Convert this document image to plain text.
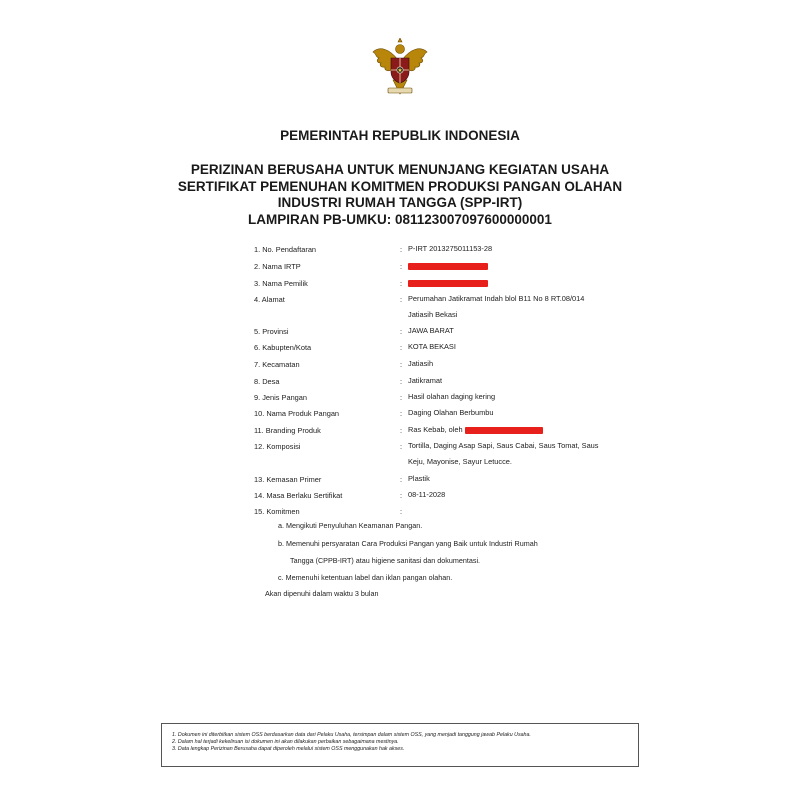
PEMERINTAH REPUBLIK INDONESIA
PERIZINAN BERUSAHA UNTUK MENUNJANG KEGIATAN USAHA
SERTIFIKAT PEMENUHAN KOMITMEN PRODUKSI PANGAN OLAHAN
INDUSTRI RUMAH TANGGA (SPP-IRT)
LAMPIRAN PB-UMKU: 081123007097600000001
1. No. Pendaftaran	: P-IRT 2013275011153-28
2. Nama IRTP	:
3. Nama Pemilik	:
4. Alamat	: Perumahan Jatikramat Indah blol B11 No 8 RT.08/014
Jatiasih Bekasi
5. Provinsi	: JAWA BARAT
6. Kabupten/Kota	: KOTA BEKASI
7. Kecamatan	: Jatiasih
8. Desa	: Jatikramat
9. Jenis Pangan	: Hasil olahan daging kering
10. Nama Produk Pangan	: Daging Olahan Berbumbu
11. Branding Produk	: Ras Kebab, oleh
12. Komposisi	: Tortilla, Daging Asap Sapi, Saus Cabai, Saus Tomat, Saus
Keju, Mayonise, Sayur Letucce.
13. Kemasan Primer	: Plastik
14. Masa Berlaku Sertifikat	: 08-11-2028
15. Komitmen	:
a. Mengikuti Penyuluhan Keamanan Pangan.
b. Memenuhi persyaratan Cara Produksi Pangan yang Baik untuk Industri Rumah
Tangga (CPPB-IRT) atau higiene sanitasi dan dokumentasi.
c. Memenuhi ketentuan label dan iklan pangan olahan.
Akan dipenuhi dalam waktu 3 bulan
1. Dokumen ini diterbitkan sistem OSS berdasarkan data dari Pelaku Usaha, tersimpan dalam sistem OSS, yang menjadi tanggung jawab Pelaku Usaha.
2. Dalam hal terjadi kekeliruan isi dokumen ini akan dilakukan perbaikan sebagaimana mestinya.
3. Data lengkap Perizinan Berusaha dapat diperoleh melalui sistem OSS menggunakan hak akses.
